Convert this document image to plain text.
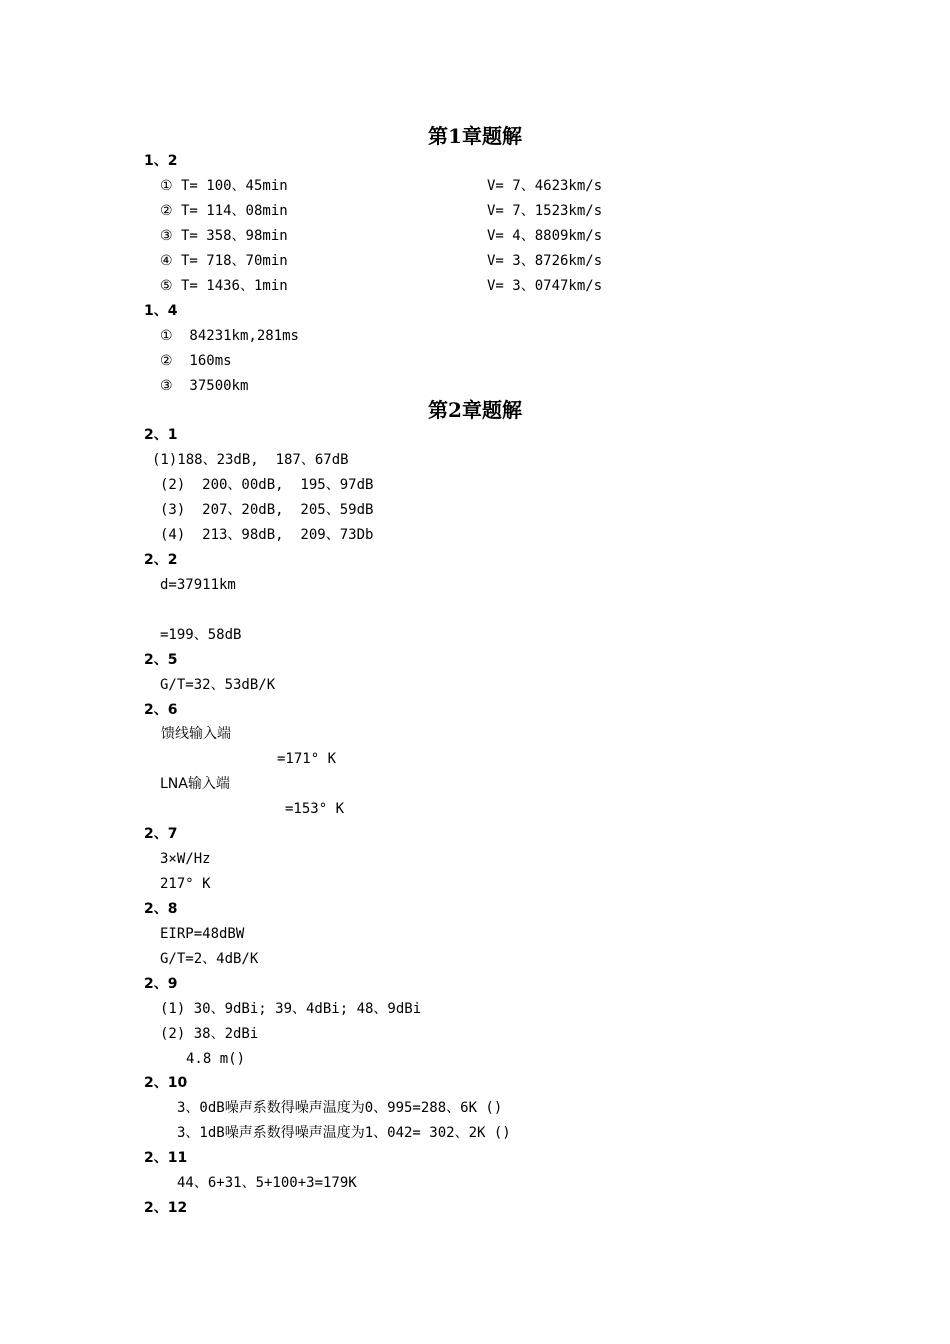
第1章题解
1、2
① T= 100、45min	V= 7、4623km/s
② T= 114、08min	V= 7、1523km/s
③ T= 358、98min	V= 4、8809km/s
④ T= 718、70min	V= 3、8726km/s
⑤ T= 1436、1min	V= 3、0747km/s
1、4
①  84231km,281ms
②  160ms
③  37500km
第2章题解
2、1
(1)188、23dB,  187、67dB
(2)  200、00dB,  195、97dB
(3)  207、20dB,  205、59dB
(4)  213、98dB,  209、73Db
2、2
d=37911km
=199、58dB
2、5
G/T=32、53dB/K
2、6
馈线输入端
=171° K
LNA输入端
=153° K
2、7
3×W/Hz
217° K
2、8
EIRP=48dBW
G/T=2、4dB/K
2、9
(1) 30、9dBi; 39、4dBi; 48、9dBi
(2) 38、2dBi
4.8 m()
2、10
3、0dB噪声系数得噪声温度为0、995=288、6K ()
3、1dB噪声系数得噪声温度为1、042= 302、2K ()
2、11
44、6+31、5+100+3=179K
2、12
